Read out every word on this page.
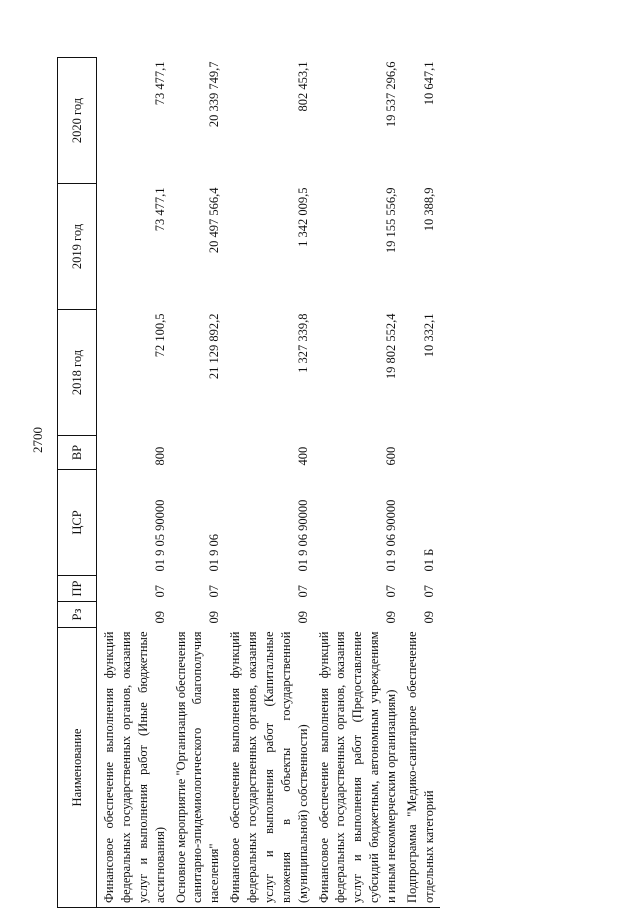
2700
Наименование	Рз	ПР	ЦСР	ВР	2018 год	2019 год	2020 год
Финансовое обеспечение выполнения функций федеральных государственных органов, оказания услуг и выполнения работ (Иные бюджетные ассигнования)	09	07	01 9 05 90000	800	72 100,5	73 477,1	73 477,1
Основное мероприятие "Организация обеспечения санитарно-эпидемиологического благополучия населения"	09	07	01 9 06		21 129 892,2	20 497 566,4	20 339 749,7
Финансовое обеспечение выполнения функций федеральных государственных органов, оказания услуг и выполнения работ (Капитальные вложения в объекты государственной (муниципальной) собственности)	09	07	01 9 06 90000	400	1 327 339,8	1 342 009,5	802 453,1
Финансовое обеспечение выполнения функций федеральных государственных органов, оказания услуг и выполнения работ (Предоставление субсидий бюджетным, автономным учреждениям и иным некоммерческим организациям)	09	07	01 9 06 90000	600	19 802 552,4	19 155 556,9	19 537 296,6
Подпрограмма "Медико-санитарное обеспечение отдельных категорий	09	07	01 Б		10 332,1	10 388,9	10 647,1
